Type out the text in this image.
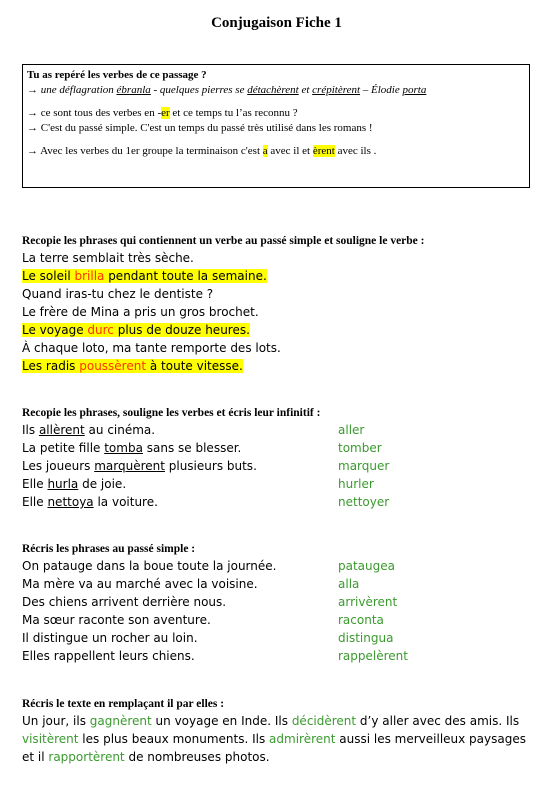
Conjugaison Fiche 1
Tu as repéré les verbes de ce passage ?
→ une déflagration ébranla - quelques pierres se détachèrent et crépitèrent – Élodie porta
→ ce sont tous des verbes en -er et ce temps tu l’as reconnu ?
→ C'est du passé simple. C'est un temps du passé très utilisé dans les romans !
→ Avec les verbes du 1er groupe la terminaison c'est a avec il et èrent avec ils .
Recopie les phrases qui contiennent un verbe au passé simple et souligne le verbe :
La terre semblait très sèche.
Le soleil brilla pendant toute la semaine.
Quand iras-tu chez le dentiste ?
Le frère de Mina a pris un gros brochet.
Le voyage durc plus de douze heures.
À chaque loto, ma tante remporte des lots.
Les radis poussèrent à toute vitesse.
Recopie les phrases, souligne les verbes et écris leur infinitif :
Ils allèrent au cinéma.	aller
La petite fille tomba sans se blesser.	tomber
Les joueurs marquèrent plusieurs buts.	marquer
Elle hurla de joie.	hurler
Elle nettoya la voiture.	nettoyer
Récris les phrases au passé simple :
On patauge dans la boue toute la journée.	pataugea
Ma mère va au marché avec la voisine.	alla
Des chiens arrivent derrière nous.	arrivèrent
Ma sœur raconte son aventure.	raconta
Il distingue un rocher au loin.	distingua
Elles rappellent leurs chiens.	rappelèrent
Récris le texte en remplaçant il par elles :
Un jour, ils gagnèrent un voyage en Inde. Ils décidèrent d’y aller avec des amis. Ils visitèrent les plus beaux monuments. Ils admirèrent aussi les merveilleux paysages et il rapportèrent de nombreuses photos.
